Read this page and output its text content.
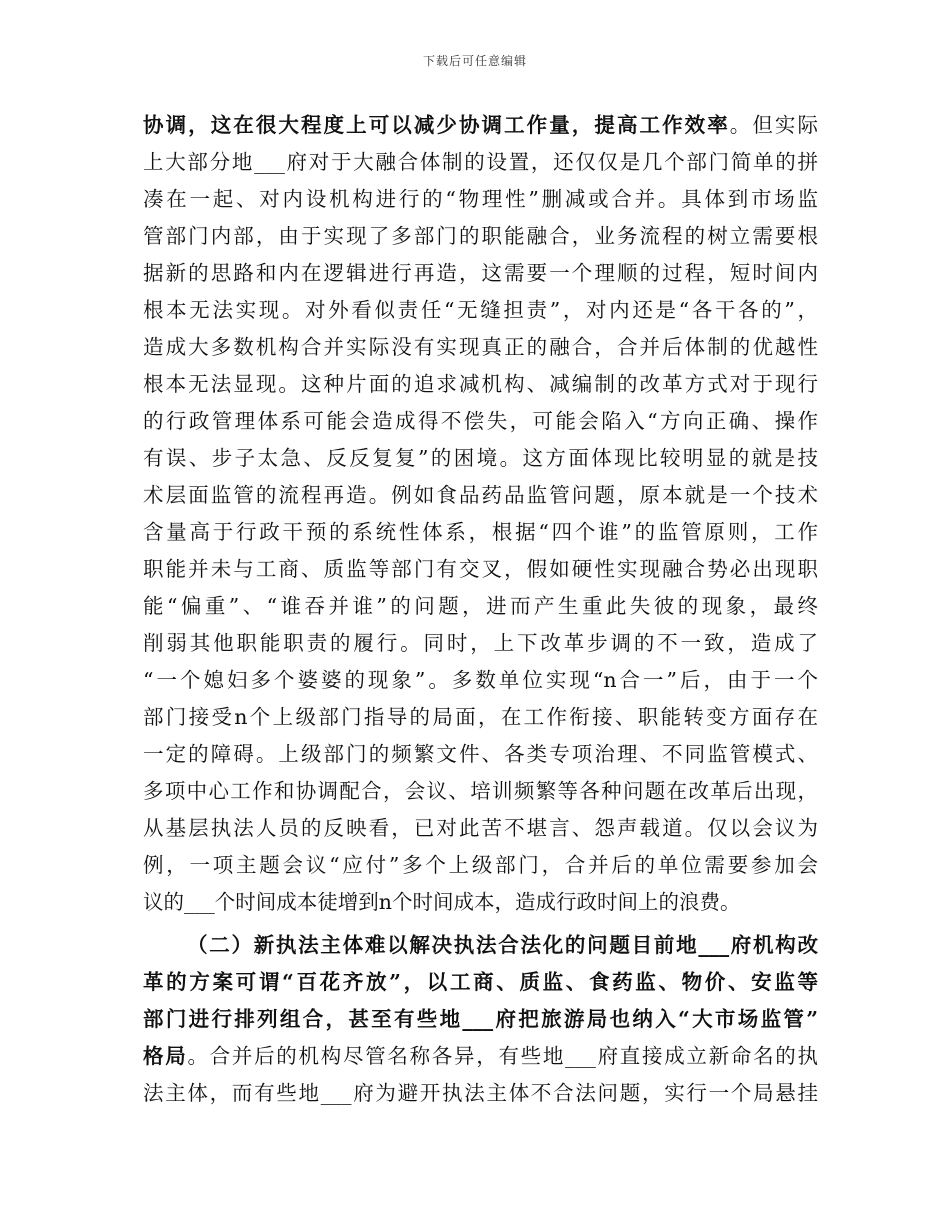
下载后可任意编辑
协调，这在很大程度上可以减少协调工作量，提高工作效率。但实际
上大部分地___府对于大融合体制的设置，还仅仅是几个部门简单的拼
凑在一起、对内设机构进行的“物理性”删减或合并。具体到市场监
管部门内部，由于实现了多部门的职能融合，业务流程的树立需要根
据新的思路和内在逻辑进行再造，这需要一个理顺的过程，短时间内
根本无法实现。对外看似责任“无缝担责”，对内还是“各干各的”，
造成大多数机构合并实际没有实现真正的融合，合并后体制的优越性
根本无法显现。这种片面的追求减机构、减编制的改革方式对于现行
的行政管理体系可能会造成得不偿失，可能会陷入“方向正确、操作
有误、步子太急、反反复复”的困境。这方面体现比较明显的就是技
术层面监管的流程再造。例如食品药品监管问题，原本就是一个技术
含量高于行政干预的系统性体系，根据“四个谁”的监管原则，工作
职能并未与工商、质监等部门有交叉，假如硬性实现融合势必出现职
能“偏重”、“谁吞并谁”的问题，进而产生重此失彼的现象，最终
削弱其他职能职责的履行。同时，上下改革步调的不一致，造成了
“一个媳妇多个婆婆的现象”。多数单位实现“n合一”后，由于一个
部门接受n个上级部门指导的局面，在工作衔接、职能转变方面存在
一定的障碍。上级部门的频繁文件、各类专项治理、不同监管模式、
多项中心工作和协调配合，会议、培训频繁等各种问题在改革后出现，
从基层执法人员的反映看，已对此苦不堪言、怨声载道。仅以会议为
例，一项主题会议“应付”多个上级部门，合并后的单位需要参加会
议的___个时间成本徒增到n个时间成本，造成行政时间上的浪费。
（二）新执法主体难以解决执法合法化的问题目前地___府机构改
革的方案可谓“百花齐放”，以工商、质监、食药监、物价、安监等
部门进行排列组合，甚至有些地___府把旅游局也纳入“大市场监管”
格局。合并后的机构尽管名称各异，有些地___府直接成立新命名的执
法主体，而有些地___府为避开执法主体不合法问题，实行一个局悬挂
